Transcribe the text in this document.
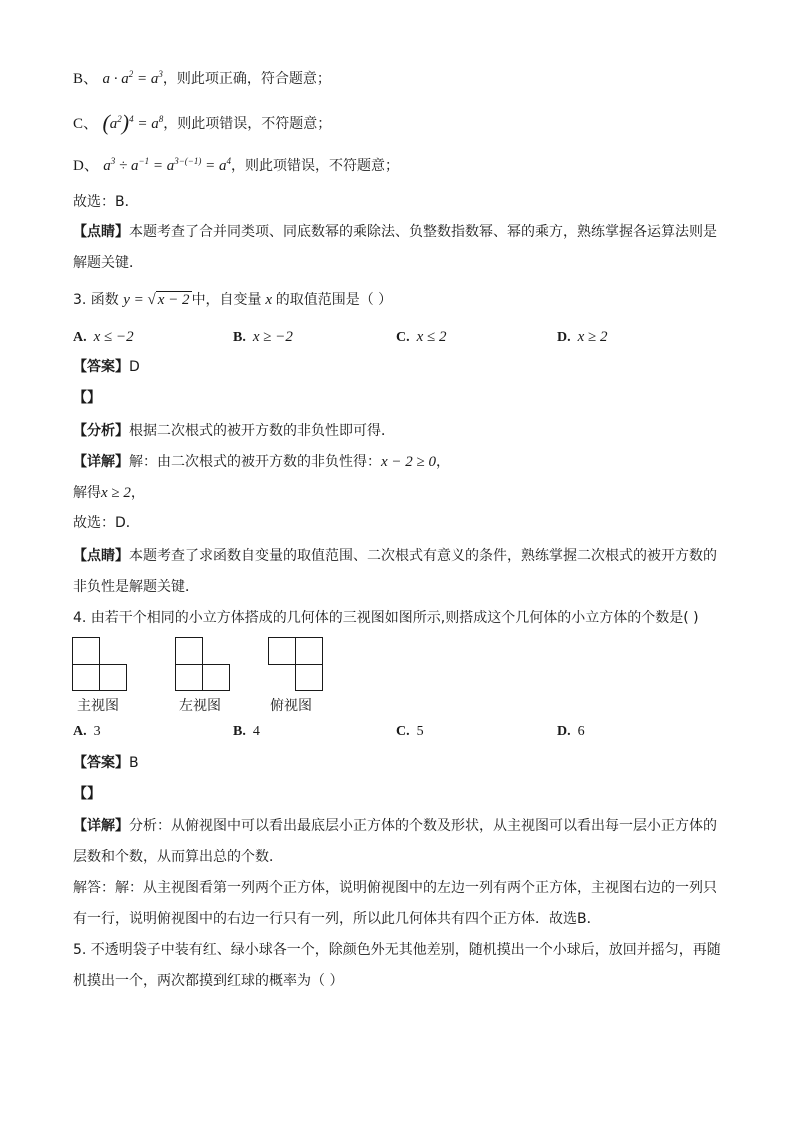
B、 $a \cdot a^2 = a^3$，则此项正确，符合题意；
C、 $(a^2)^4 = a^8$，则此项错误，不符题意；
D、 $a^3 \div a^{-1} = a^{3-(-1)} = a^4$，则此项错误，不符题意；
故选：B．
【点睛】本题考查了合并同类项、同底数幂的乘除法、负整数指数幂、幂的乘方，熟练掌握各运算法则是
解题关键．
3. 函数 y = √ x − 2 中，自变量 x 的取值范围是（ ）
A. x ≤ −2	B. x ≥ −2	C. x ≤ 2	D. x ≥ 2
【答案】D
【】
【分析】根据二次根式的被开方数的非负性即可得．
【详解】解：由二次根式的被开方数的非负性得：x − 2 ≥ 0，
解得x ≥ 2，
故选：D．
【点睛】本题考查了求函数自变量的取值范围、二次根式有意义的条件，熟练掌握二次根式的被开方数的
非负性是解题关键．
4. 由若干个相同的小立方体搭成的几何体的三视图如图所示,则搭成这个几何体的小立方体的个数是( )
主视图	左视图	俯视图
A. 3	B. 4	C. 5	D. 6
【答案】B
【】
【详解】分析：从俯视图中可以看出最底层小正方体的个数及形状，从主视图可以看出每一层小正方体的
层数和个数，从而算出总的个数．
解答：解：从主视图看第一列两个正方体，说明俯视图中的左边一列有两个正方体，主视图右边的一列只
有一行，说明俯视图中的右边一行只有一列，所以此几何体共有四个正方体．故选B．
5. 不透明袋子中装有红、绿小球各一个，除颜色外无其他差别，随机摸出一个小球后，放回并摇匀，再随
机摸出一个，两次都摸到红球的概率为（ ）
